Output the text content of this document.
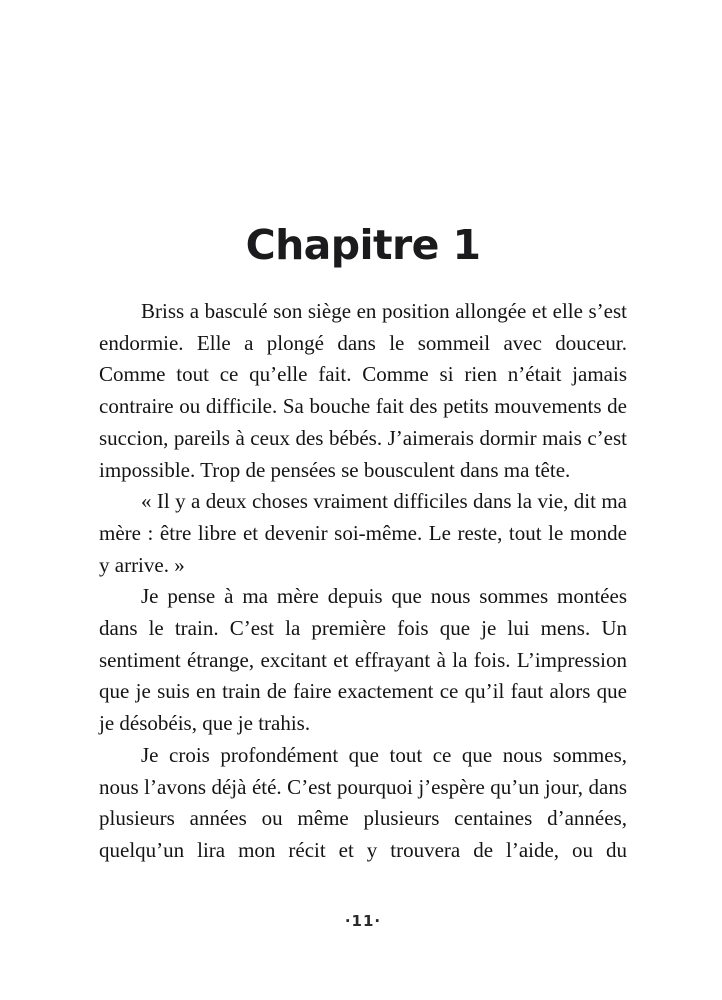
Chapitre 1

Briss a basculé son siège en position allongée et elle s’est endormie. Elle a plongé dans le sommeil avec douceur. Comme tout ce qu’elle fait. Comme si rien n’était jamais contraire ou difficile. Sa bouche fait des petits mouvements de succion, pareils à ceux des bébés. J’aimerais dormir mais c’est impossible. Trop de pensées se bousculent dans ma tête.

« Il y a deux choses vraiment difficiles dans la vie, dit ma mère : être libre et devenir soi-même. Le reste, tout le monde y arrive. »

Je pense à ma mère depuis que nous sommes montées dans le train. C’est la première fois que je lui mens. Un sentiment étrange, excitant et effrayant à la fois. L’impression que je suis en train de faire exactement ce qu’il faut alors que je désobéis, que je trahis.

Je crois profondément que tout ce que nous sommes, nous l’avons déjà été. C’est pourquoi j’espère qu’un jour, dans plusieurs années ou même plusieurs centaines d’années, quelqu’un lira mon récit et y trouvera de l’aide, ou du

·11·
